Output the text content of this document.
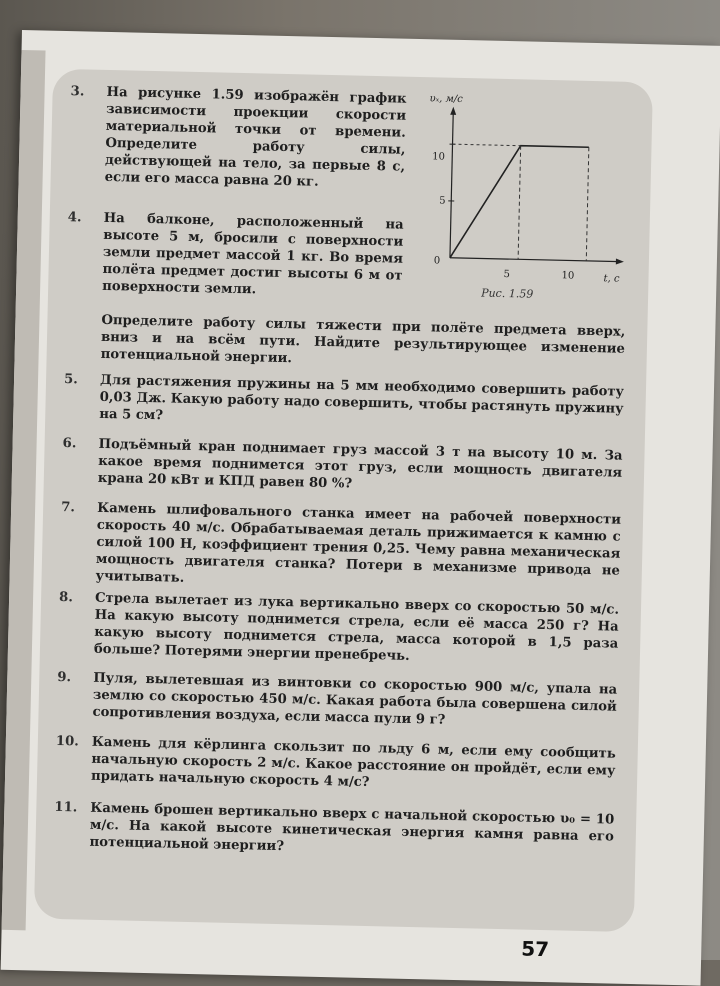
3.	На рисунке 1.59 изображён график зависимости проекции скорости материальной точки от времени. Определите работу силы, действующей на тело, за первые 8 с, если его масса равна 20 кг.
4.	На балконе, расположенный на высоте 5 м, бросили с поверхности земли предмет массой 1 кг. Во время полёта предмет достиг высоты 6 м от поверхности земли.
Определите работу силы тяжести при полёте предмета вверх, вниз и на всём пути. Найдите результирующее изменение потенциальной энергии.
5.	Для растяжения пружины на 5 мм необходимо совершить работу 0,03 Дж. Какую работу надо совершить, чтобы растянуть пружину на 5 см?
6.	Подъёмный кран поднимает груз массой 3 т на высоту 10 м. За какое время поднимется этот груз, если мощность двигателя крана 20 кВт и КПД равен 80 %?
7.	Камень шлифовального станка имеет на рабочей поверхности скорость 40 м/с. Обрабатываемая деталь прижимается к камню с силой 100 Н, коэффициент трения 0,25. Чему равна механическая мощность двигателя станка? Потери в механизме привода не учитывать.
8.	Стрела вылетает из лука вертикально вверх со скоростью 50 м/с. На какую высоту поднимется стрела, если её масса 250 г? На какую высоту поднимется стрела, масса которой в 1,5 раза больше? Потерями энергии пренебречь.
9.	Пуля, вылетевшая из винтовки со скоростью 900 м/с, упала на землю со скоростью 450 м/с. Какая работа была совершена силой сопротивления воздуха, если масса пули 9 г?
10. Камень для кёрлинга скользит по льду 6 м, если ему сообщить начальную скорость 2 м/с. Какое расстояние он пройдёт, если ему придать начальную скорость 4 м/с?
11. Камень брошен вертикально вверх с начальной скоростью υ₀ = 10 м/с. На какой высоте кинетическая энергия камня равна его потенциальной энергии?
υₓ, м/с
t, с
0
5
10
5	10
Рис. 1.59
57
